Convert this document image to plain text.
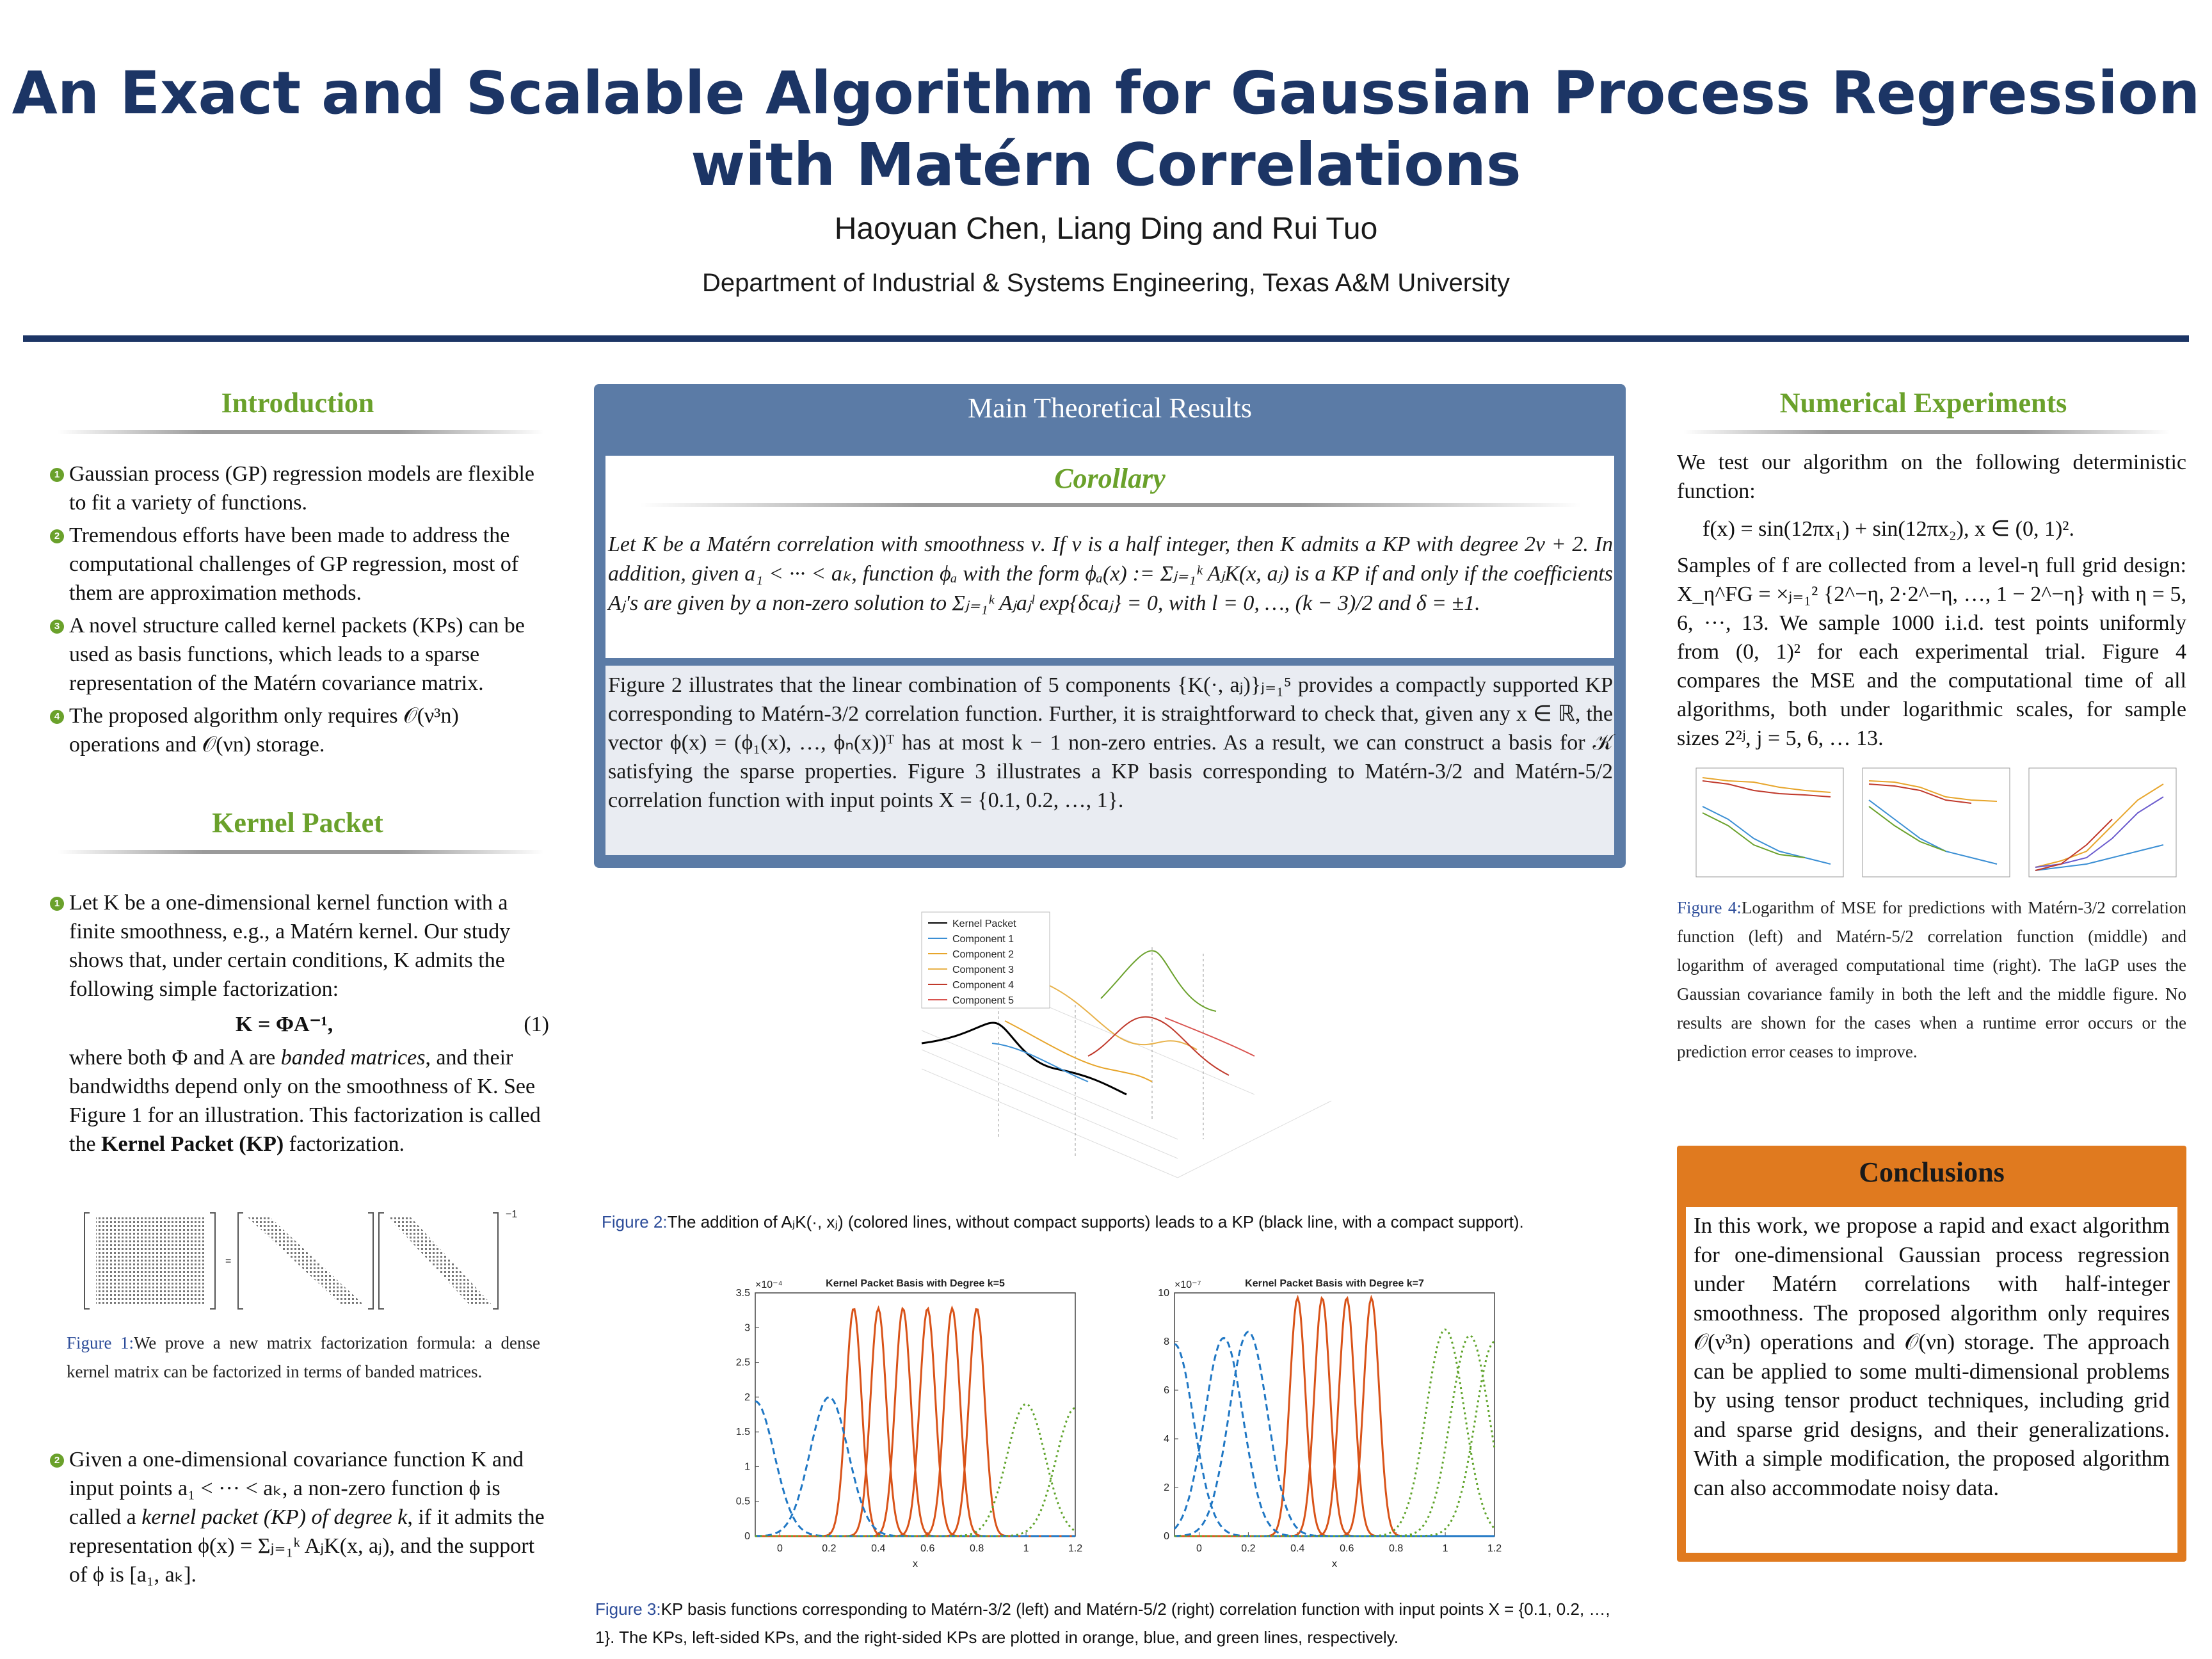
An Exact and Scalable Algorithm for Gaussian Process Regression with Matérn Correlations
Haoyuan Chen, Liang Ding and Rui Tuo
Department of Industrial & Systems Engineering, Texas A&M University
Introduction
1 Gaussian process (GP) regression models are flexible to fit a variety of functions.
2 Tremendous efforts have been made to address the computational challenges of GP regression, most of them are approximation methods.
3 A novel structure called kernel packets (KPs) can be used as basis functions, which leads to a sparse representation of the Matérn covariance matrix.
4 The proposed algorithm only requires 𝒪(ν³n) operations and 𝒪(νn) storage.
Kernel Packet
1 Let K be a one-dimensional kernel function with a finite smoothness, e.g., a Matérn kernel. Our study shows that, under certain conditions, K admits the following simple factorization:
K = ΦA⁻¹,	(1)
where both Φ and A are banded matrices, and their bandwidths depend only on the smoothness of K. See Figure 1 for an illustration. This factorization is called the Kernel Packet (KP) factorization.
=
−1
Figure 1:We prove a new matrix factorization formula: a dense kernel matrix can be factorized in terms of banded matrices.
2 Given a one-dimensional covariance function K and input points a₁ < ··· < aₖ, a non-zero function ϕ is called a kernel packet (KP) of degree k, if it admits the representation ϕ(x) = Σⱼ₌₁ᵏ AⱼK(x, aⱼ), and the support of ϕ is [a₁, aₖ].
Main Theoretical Results
Corollary
Let K be a Matérn correlation with smoothness ν. If ν is a half integer, then K admits a KP with degree 2ν + 2. In addition, given a₁ < ··· < aₖ, function ϕₐ with the form ϕₐ(x) := Σⱼ₌₁ᵏ AⱼK(x, aⱼ) is a KP if and only if the coefficients Aⱼ's are given by a non-zero solution to Σⱼ₌₁ᵏ Aⱼaⱼˡ exp{δcaⱼ} = 0, with l = 0, …, (k − 3)/2 and δ = ±1.
Figure 2 illustrates that the linear combination of 5 components {K(·, aⱼ)}ⱼ₌₁⁵ provides a compactly supported KP corresponding to Matérn-3/2 correlation function. Further, it is straightforward to check that, given any x ∈ ℝ, the vector ϕ(x) = (ϕ₁(x), …, ϕₙ(x))ᵀ has at most k − 1 non-zero entries. As a result, we can construct a basis for 𝒦 satisfying the sparse properties. Figure 3 illustrates a KP basis corresponding to Matérn-3/2 and Matérn-5/2 correlation function with input points X = {0.1, 0.2, …, 1}.
Kernel Packet
Component 1
Component 2
Component 3
Component 4
Component 5
Figure 2:The addition of AⱼK(·, xⱼ) (colored lines, without compact supports) leads to a KP (black line, with a compact support).
Kernel Packet Basis with Degree k=5
×10⁻⁴
0	0.2	0.4	0.6	0.8	1	1.2
0
0.5
1
1.5
2
2.5
3
3.5
x
Kernel Packet Basis with Degree k=7
×10⁻⁷
0	0.2	0.4	0.6	0.8	1	1.2
0
2
4
6
8
10
x
Figure 3:KP basis functions corresponding to Matérn-3/2 (left) and Matérn-5/2 (right) correlation function with input points X = {0.1, 0.2, …, 1}. The KPs, left-sided KPs, and the right-sided KPs are plotted in orange, blue, and green lines, respectively.
Numerical Experiments
We test our algorithm on the following deterministic function:
f(x) = sin(12πx₁) + sin(12πx₂), x ∈ (0, 1)².
Samples of f are collected from a level-η full grid design: X_η^FG = ×ⱼ₌₁² {2^−η, 2·2^−η, …, 1 − 2^−η} with η = 5, 6, ···, 13. We sample 1000 i.i.d. test points uniformly from (0, 1)² for each experimental trial. Figure 4 compares the MSE and the computational time of all algorithms, both under logarithmic scales, for sample sizes 2²ʲ, j = 5, 6, … 13.
Figure 4:Logarithm of MSE for predictions with Matérn-3/2 correlation function (left) and Matérn-5/2 correlation function (middle) and logarithm of averaged computational time (right). The laGP uses the Gaussian covariance family in both the left and the middle figure. No results are shown for the cases when a runtime error occurs or the prediction error ceases to improve.
Conclusions
In this work, we propose a rapid and exact algorithm for one-dimensional Gaussian process regression under Matérn correlations with half-integer smoothness. The proposed algorithm only requires 𝒪(ν³n) operations and 𝒪(νn) storage. The approach can be applied to some multi-dimensional problems by using tensor product techniques, including grid and sparse grid designs, and their generalizations. With a simple modification, the proposed algorithm can also accommodate noisy data.
